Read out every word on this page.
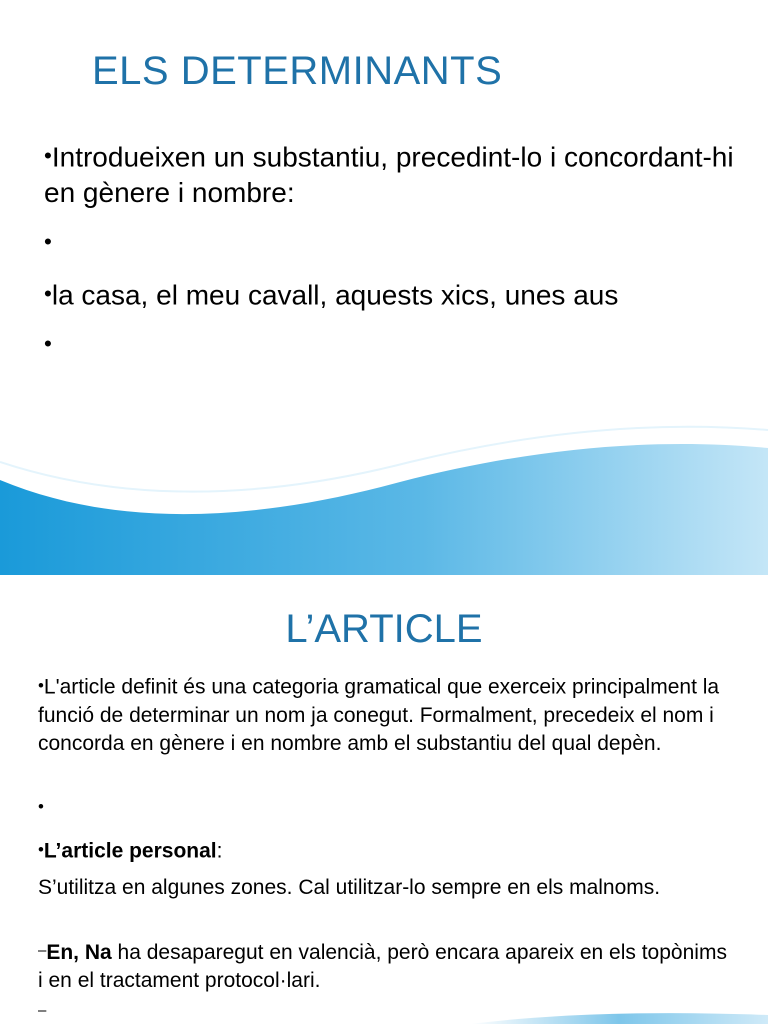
ELS DETERMINANTS
•Introdueixen un substantiu, precedint-lo i concordant-hi en gènere i nombre:
•
•la casa, el meu cavall, aquests xics, unes aus
•
L’ARTICLE
•L'article definit és una categoria gramatical que exerceix principalment la funció de determinar un nom ja conegut. Formalment, precedeix el nom i concorda en gènere i en nombre amb el substantiu del qual depèn.
•
•L’article personal:
S’utilitza en algunes zones. Cal utilitzar-lo sempre en els malnoms.
–En, Na ha desaparegut en valencià, però encara apareix en els topònims i en el tractament protocol·lari.
–
